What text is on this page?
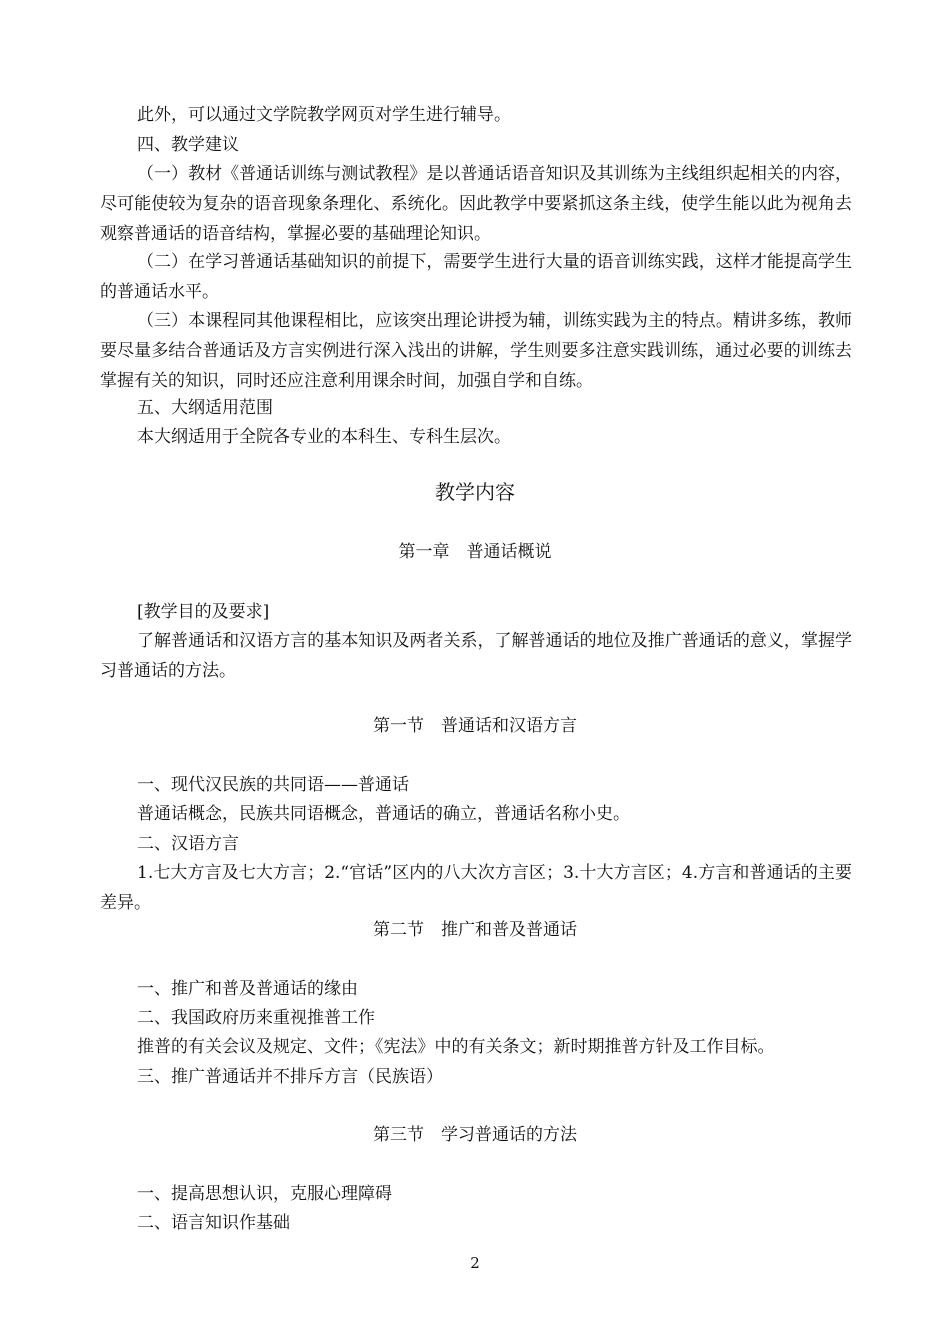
此外，可以通过文学院教学网页对学生进行辅导。

四、教学建议

（一）教材《普通话训练与测试教程》是以普通话语音知识及其训练为主线组织起相关的内容，尽可能使较为复杂的语音现象条理化、系统化。因此教学中要紧抓这条主线，使学生能以此为视角去观察普通话的语音结构，掌握必要的基础理论知识。

（二）在学习普通话基础知识的前提下，需要学生进行大量的语音训练实践，这样才能提高学生的普通话水平。

（三）本课程同其他课程相比，应该突出理论讲授为辅，训练实践为主的特点。精讲多练，教师要尽量多结合普通话及方言实例进行深入浅出的讲解，学生则要多注意实践训练，通过必要的训练去掌握有关的知识，同时还应注意利用课余时间，加强自学和自练。

五、大纲适用范围

本大纲适用于全院各专业的本科生、专科生层次。

教学内容

第一章　普通话概说

[教学目的及要求]

了解普通话和汉语方言的基本知识及两者关系，了解普通话的地位及推广普通话的意义，掌握学习普通话的方法。

第一节　普通话和汉语方言

一、现代汉民族的共同语——普通话

普通话概念，民族共同语概念，普通话的确立，普通话名称小史。

二、汉语方言

1.七大方言及七大方言；2.“官话”区内的八大次方言区；3.十大方言区；4.方言和普通话的主要差异。

第二节　推广和普及普通话

一、推广和普及普通话的缘由

二、我国政府历来重视推普工作

推普的有关会议及规定、文件；《宪法》中的有关条文；新时期推普方针及工作目标。

三、推广普通话并不排斥方言（民族语）

第三节　学习普通话的方法

一、提高思想认识，克服心理障碍

二、语言知识作基础

2
